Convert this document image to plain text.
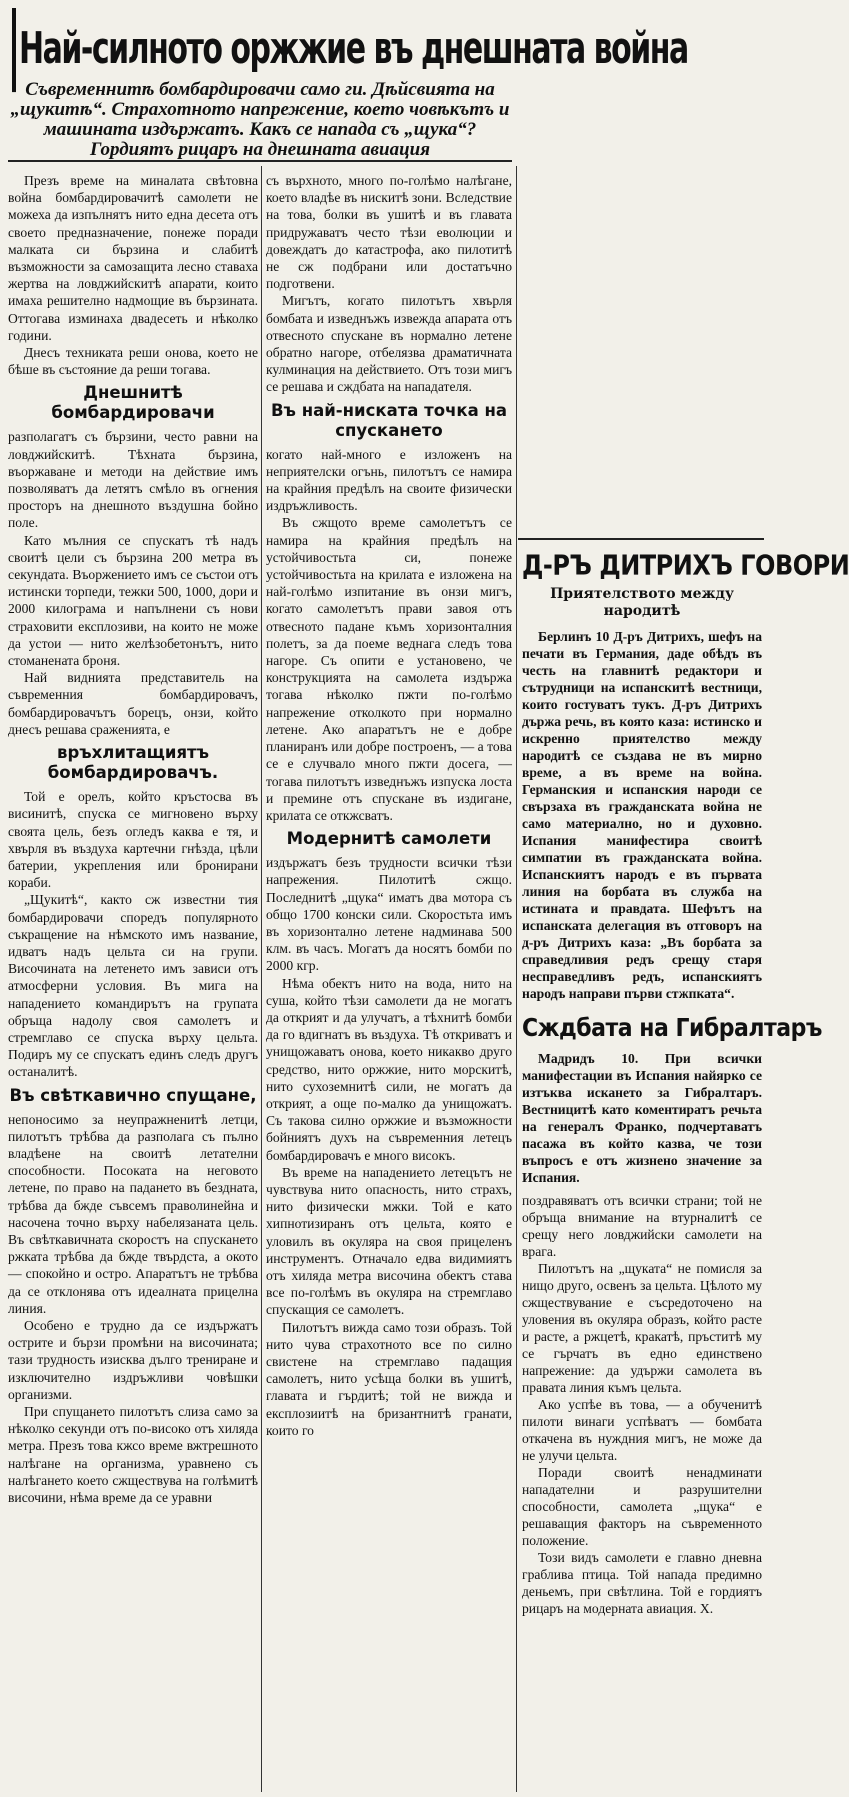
Най-силното оржжие въ днешната война
Съвременнитѣ бомбардировачи само ги. Дѣйсвията на „щукитѣ“. Страхотното напрежение, което човѣкътъ и машината издържатъ. Какъ се напада съ „щука“? Гордиятъ рицаръ на днешната авиация

Презъ време на миналата свѣтовна война бомбардировачитѣ самолети не можеха да изпълнятъ нито една десета отъ своето предназначение, понеже поради малката си бързина и слабитѣ възможности за самозащита лесно ставаха жертва на ловджийскитѣ апарати, които имаха решително надмощие въ бързината. Оттогава изминаха двадесеть и нѣколко години.

Днесъ техниката реши онова, което не бѣше въ състояние да реши тогава.

Днешнитѣ бомбардировачи

разполагатъ съ бързини, често равни на ловджийскитѣ. Тѣхната бързина, въоржаване и методи на действие имъ позволяватъ да летятъ смѣло въ огнения просторъ на днешното въздушна бойно поле.

Като мълния се спускатъ тѣ надъ своитѣ цели съ бързина 200 метра въ секундата. Въоржението имъ се състои отъ истински торпеди, тежки 500, 1000, дори и 2000 килограма и напълнени съ нови страховити експлозиви, на които не може да устои — нито желѣзобетонътъ, нито стоманената броня.

Най виднията представитель на съвременния бомбардировачъ, бомбардировачътъ борецъ, онзи, който днесъ решава сраженията, е

връхлитащиятъ бомбардировачъ.

Той е орелъ, който кръстосва въ висинитѣ, спуска се мигновено върху своята цель, безъ огледъ каква е тя, и хвърля въ въздуха картечни гнѣзда, цѣли батерии, укрепления или бронирани кораби.

„Щукитѣ“, както сж известни тия бомбардировачи споредъ популярното съкращение на нѣмското имъ название, идватъ надъ цельта си на групи. Височината на летенето имъ зависи отъ атмосферни условия. Въ мига на нападението командирътъ на групата обръща надолу своя самолетъ и стремглаво се спуска върху цельта. Подиръ му се спускатъ единъ следъ другъ останалитѣ.

Въ свѣткавично спущане,

непоносимо за неупражненитѣ летци, пилотътъ трѣбва да разполага съ пълно владѣене на своитѣ летателни способности. Посоката на неговото летене, по право на падането въ бездната, трѣбва да бжде съвсемъ праволинейна и насочена точно върху набелязаната цель. Въ свѣткавичната скоростъ на спускането ржката трѣбва да бжде твърдста, а окото — спокойно и остро. Апаратътъ не трѣбва да се отклонява отъ идеалната прицелна линия.

Особено е трудно да се издържатъ острите и бързи промѣни на височината; тази трудность изисква дълго трениране и изключително издръжливи човѣшки организми.

При спущането пилотътъ слиза само за нѣколко секунди отъ по-високо отъ хиляда метра. Презъ това кжсо време вжтрешното налѣгане на организма, уравнено съ налѣгането което сжществува на голѣмитѣ височини, нѣма време да се уравни

съ върхното, много по-голѣмо налѣгане, което владѣе въ нискитѣ зони. Вследствие на това, болки въ ушитѣ и въ главата придружаватъ често тѣзи еволюции и довеждатъ до катастрофа, ако пилотитѣ не сж подбрани или достатъчно подготвени.

Мигътъ, когато пилотътъ хвърля бомбата и изведнъжъ извежда апарата отъ отвесното спускане въ нормално летене обратно нагоре, отбелязва драматичната кулминация на действието. Отъ този мигъ се решава и сждбата на нападателя.

Въ най-ниската точка на спускането

когато най-много е изложенъ на неприятелски огънь, пилотътъ се намира на крайния предѣлъ на своите физически издръжливость.

Въ сжщото време самолетътъ се намира на крайния предѣлъ на устойчивостьта си, понеже устойчивостьта на крилата е изложена на най-голѣмо изпитание въ онзи мигъ, когато самолетътъ прави завоя отъ отвесното падане къмъ хоризонталния полетъ, за да поеме веднага следъ това нагоре. Съ опити е установено, че конструкцията на самолета издържа тогава нѣколко пжти по-голѣмо напрежение отколкото при нормално летене. Ако апаратътъ не е добре планиранъ или добре построенъ, — а това се е случвало много пжти досега, — тогава пилотътъ изведнъжъ изпуска лостa и премине отъ спускане въ издигане, крилата се откжсватъ.

Модернитѣ самолети

издържатъ безъ трудности всички тѣзи напрежения. Пилотитѣ сжщо. Последнитѣ „щука“ иматъ два мотора съ общо 1700 конски сили. Скоростьта имъ въ хоризонтално летене надминава 500 клм. въ часъ. Могатъ да носятъ бомби по 2000 кгр.

Нѣма обектъ нито на вода, нито на суша, който тѣзи самолети да не могатъ да открият и да улучатъ, а тѣхнитѣ бомби да го вдигнатъ въ въздуха. Тѣ откриватъ и унищожаватъ онова, което никакво друго средство, нито оржжие, нито морскитѣ, нито сухоземнитѣ сили, не могатъ да открият, а още по-малко да унищожатъ. Съ такова силно оржжие и възможности бойниятъ духъ на съвременния летецъ бомбардировачъ е много високъ.

Въ време на нападението летецътъ не чувствува нито опасность, нито страхъ, нито физически мжки. Той е като хипнотизиранъ отъ цельта, която е уловилъ въ окуляра на своя прицеленъ инструментъ. Отначало едва видимиятъ отъ хиляда метра височина обектъ става все по-голѣмъ въ окуляра на стремглаво спускащия се самолетъ.

Пилотътъ вижда само този образъ. Той нито чува страхотното все по силно свистене на стремглаво падащия самолетъ, нито усѣща болки въ ушитѣ, главата и гърдитѣ; той не вижда и експлозиитѣ на бризантнитѣ гранати, които го

Д-РЪ ДИТРИХЪ ГОВОРИ
Приятелството между народитѣ

Берлинъ 10 Д-ръ Дитрихъ, шефъ на печати въ Германия, даде обѣдъ въ честь на главнитѣ редактори и сътрудници на испанскитѣ вестници, които гостуватъ тукъ. Д-ръ Дитрихъ държа речь, въ която каза: истинско и искренно приятелство между народитѣ се създава не въ мирно време, а въ време на война. Германския и испанския народи се свързаха въ гражданската война не само материално, но и духовно. Испания манифестира своитѣ симпатии въ гражданската война. Испанскиятъ народъ е въ първата линия на борбата въ служба на истината и правдата. Шефътъ на испанската делегация въ отговоръ на д-ръ Дитрихъ каза: „Въ борбата за справедливия редъ срещу старя несправедливъ редъ, испанскиятъ народъ направи първи стжпката“.

Сждбата на Гибралтаръ

Мадридъ 10. При всички манифестации въ Испания найярко се изтъква искането за Гибралтаръ. Вестницитѣ като коментиратъ речьта на генералъ Франко, подчертаватъ пасажа въ който казва, че този въпросъ е отъ жизнено значение за Испания.

поздравяватъ отъ всички страни; той не обръща внимание на втурналитѣ се срещу него ловджийски самолети на врага.

Пилотътъ на „щуката“ не помисля за нищо друго, освенъ за цельта. Цѣлото му сжществувание е съсредоточено на уловения въ окуляра образъ, който расте и расте, а ржцетѣ, кракатѣ, пръститѣ му се гърчатъ въ едно единствено напрежение: да удържи самолета въ правата линия къмъ цельта.

Ако успѣе въ това, — а обученитѣ пилоти винаги успѣватъ — бомбата откачена въ нуждния мигъ, не може да не улучи цельта.

Поради своитѣ ненадминати нападателни и разрушителни способности, самолета „щука“ е решаващия факторъ на съвременното положение.

Този видъ самолети е главно дневна грабливa птица. Той напада предимно деньемъ, при свѣтлина. Той е гордиятъ рицаръ на модерната авиация. Х.
